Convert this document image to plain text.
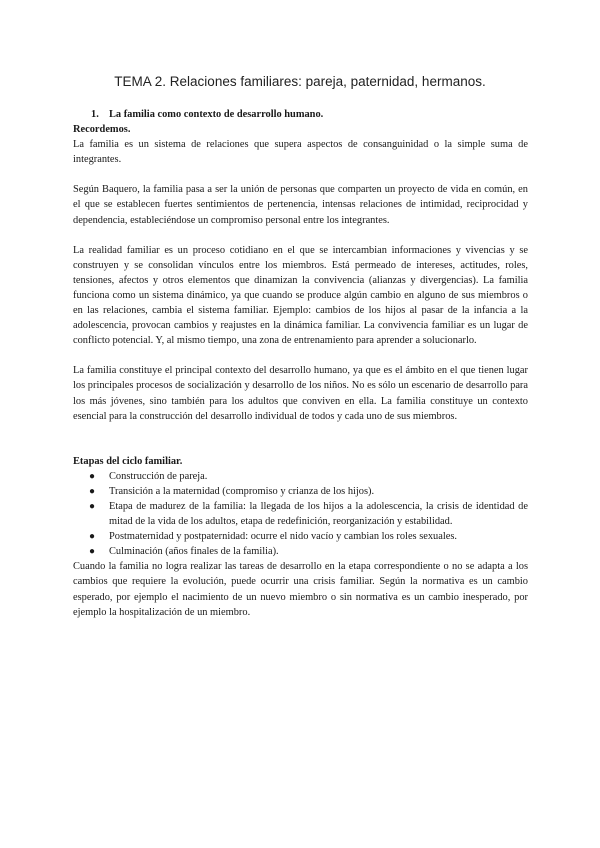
TEMA 2. Relaciones familiares: pareja, paternidad, hermanos.
1. La familia como contexto de desarrollo humano.
Recordemos.

La familia es un sistema de relaciones que supera aspectos de consanguinidad o la simple suma de integrantes.

Según Baquero, la familia pasa a ser la unión de personas que comparten un proyecto de vida en común, en el que se establecen fuertes sentimientos de pertenencia, intensas relaciones de intimidad, reciprocidad y dependencia, estableciéndose un compromiso personal entre los integrantes.

La realidad familiar es un proceso cotidiano en el que se intercambian informaciones y vivencias y se construyen y se consolidan vínculos entre los miembros. Está permeado de intereses, actitudes, roles, tensiones, afectos y otros elementos que dinamizan la convivencia (alianzas y divergencias). La familia funciona como un sistema dinámico, ya que cuando se produce algún cambio en alguno de sus miembros o en las relaciones, cambia el sistema familiar. Ejemplo: cambios de los hijos al pasar de la infancia a la adolescencia, provocan cambios y reajustes en la dinámica familiar. La convivencia familiar es un lugar de conflicto potencial. Y, al mismo tiempo, una zona de entrenamiento para aprender a solucionarlo.

La familia constituye el principal contexto del desarrollo humano, ya que es el ámbito en el que tienen lugar los principales procesos de socialización y desarrollo de los niños. No es sólo un escenario de desarrollo para los más jóvenes, sino también para los adultos que conviven en ella. La familia constituye un contexto esencial para la construcción del desarrollo individual de todos y cada uno de sus miembros.

Etapas del ciclo familiar.
● Construcción de pareja.
● Transición a la maternidad (compromiso y crianza de los hijos).
● Etapa de madurez de la familia: la llegada de los hijos a la adolescencia, la crisis de identidad de mitad de la vida de los adultos, etapa de redefinición, reorganización y estabilidad.
● Postmaternidad y postpaternidad: ocurre el nido vacío y cambian los roles sexuales.
● Culminación (años finales de la familia).

Cuando la familia no logra realizar las tareas de desarrollo en la etapa correspondiente o no se adapta a los cambios que requiere la evolución, puede ocurrir una crisis familiar. Según la normativa es un cambio esperado, por ejemplo el nacimiento de un nuevo miembro o sin normativa es un cambio inesperado, por ejemplo la hospitalización de un miembro.
